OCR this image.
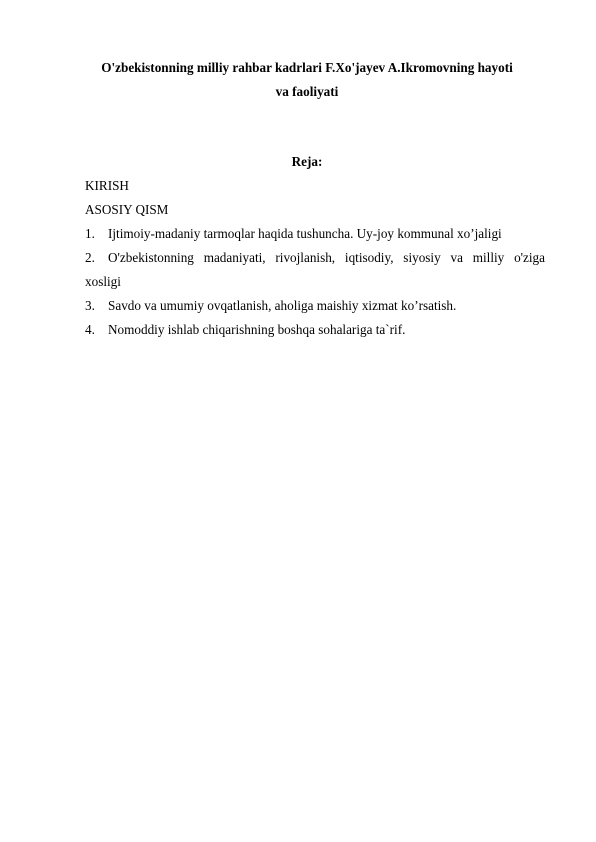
O'zbekistonning milliy rahbar kadrlari F.Xo'jayev A.Ikromovning hayoti

va faoliyati

Reja:

KIRISH
ASOSIY QISM
1. Ijtimoiy-madaniy tarmoqlar haqida tushuncha. Uy-joy kommunal xo’jaligi
2. O'zbekistonning madaniyati, rivojlanish, iqtisodiy, siyosiy va milliy o'ziga
xosligi
3. Savdo va umumiy ovqatlanish, aholiga maishiy xizmat ko’rsatish.
4. Nomoddiy ishlab chiqarishning boshqa sohalariga ta`rif.
